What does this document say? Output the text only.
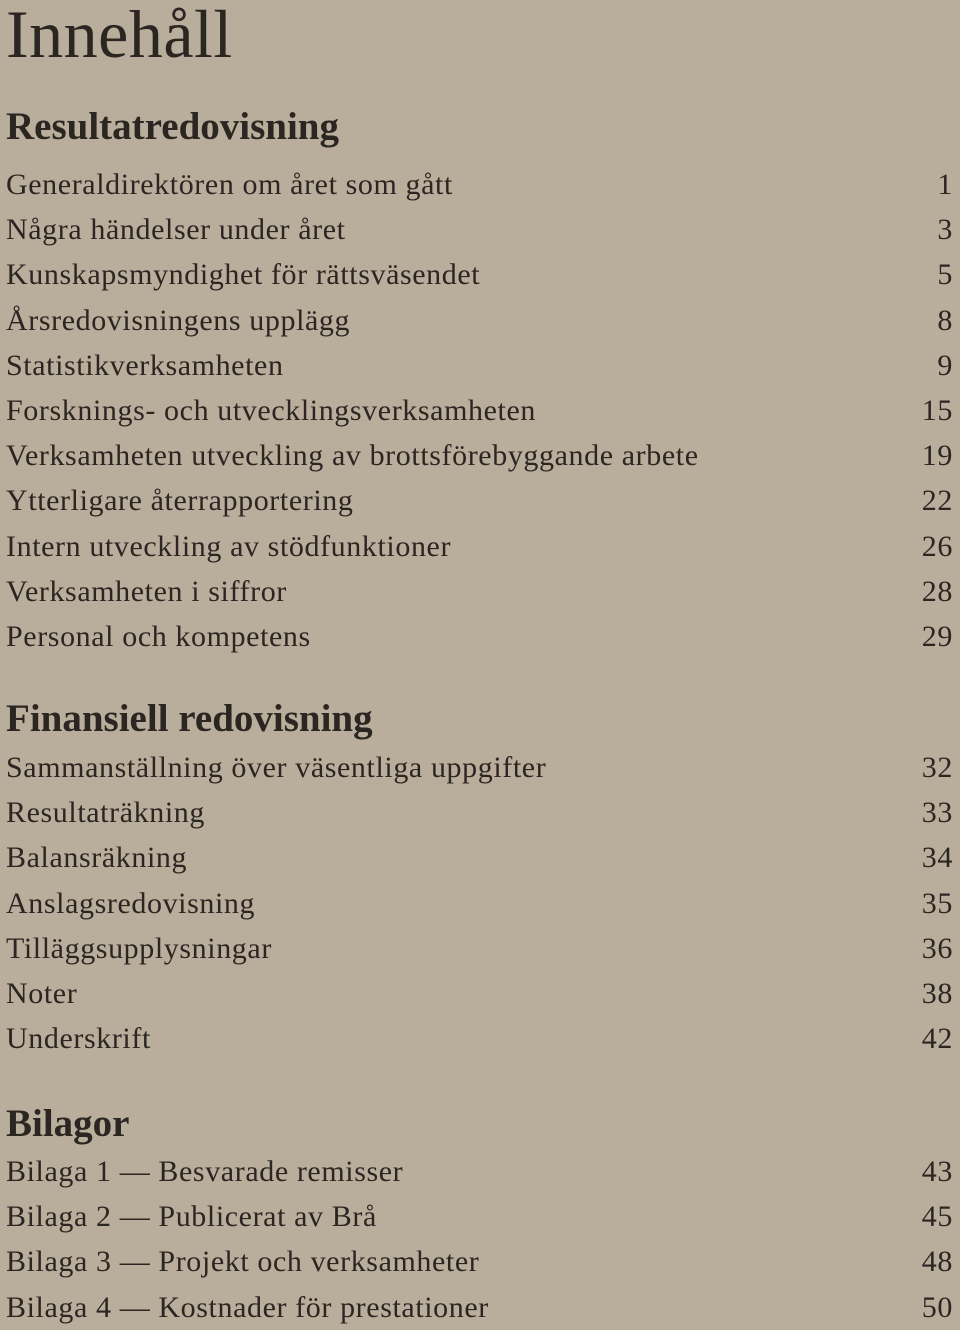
Innehåll
Resultatredovisning
Generaldirektören om året som gått	1
Några händelser under året	3
Kunskapsmyndighet för rättsväsendet	5
Årsredovisningens upplägg	8
Statistikverksamheten	9
Forsknings- och utvecklingsverksamheten	15
Verksamheten utveckling av brottsförebyggande arbete	19
Ytterligare återrapportering	22
Intern utveckling av stödfunktioner	26
Verksamheten i siffror	28
Personal och kompetens	29
Finansiell redovisning
Sammanställning över väsentliga uppgifter	32
Resultaträkning	33
Balansräkning	34
Anslagsredovisning	35
Tilläggsupplysningar	36
Noter	38
Underskrift	42
Bilagor
Bilaga 1 — Besvarade remisser	43
Bilaga 2 — Publicerat av Brå	45
Bilaga 3 — Projekt och verksamheter	48
Bilaga 4 — Kostnader för prestationer	50
